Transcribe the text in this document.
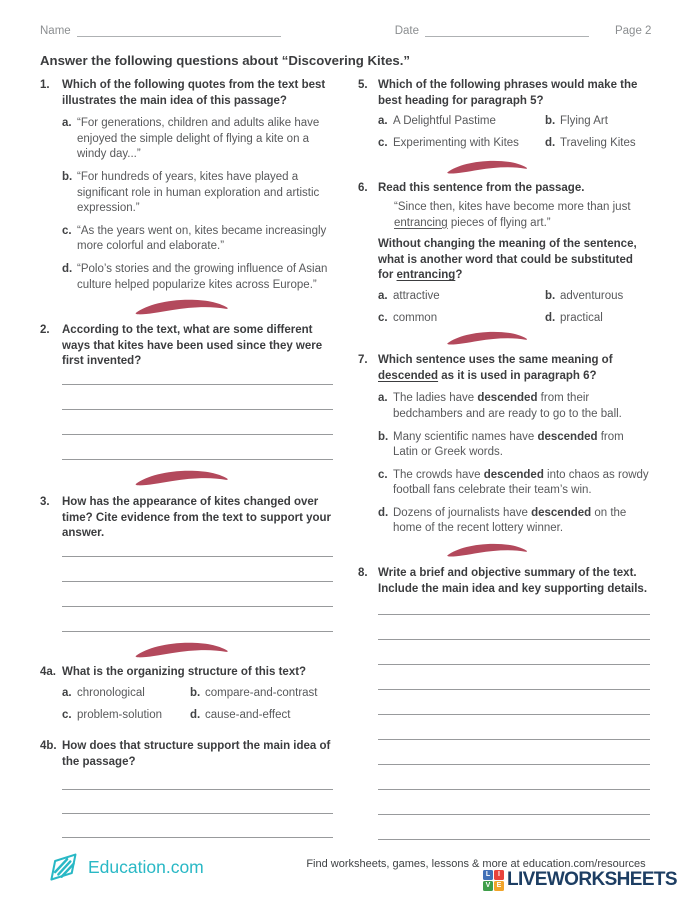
Name	Date	Page 2
Answer the following questions about “Discovering Kites.”
1.	Which of the following quotes from the text best illustrates the main idea of this passage?

a. “For generations, children and adults alike have enjoyed the simple delight of flying a kite on a windy day...”

b. “For hundreds of years, kites have played a significant role in human exploration and artistic expression.”

c. “As the years went on, kites became increasingly more colorful and elaborate.”

d. “Polo’s stories and the growing influence of Asian culture helped popularize kites across Europe.”

2.	According to the text, what are some different ways that kites have been used since they were first invented?

3.	How has the appearance of kites changed over time? Cite evidence from the text to support your answer.

4a. What is the organizing structure of this text?

a. chronological	b. compare-and-contrast

c. problem-solution	d. cause-and-effect

4b. How does that structure support the main idea of the passage?

5. Which of the following phrases would make the best heading for paragraph 5?

a. A Delightful Pastime	b. Flying Art

c. Experimenting with Kites	d. Traveling Kites

6. Read this sentence from the passage.

“Since then, kites have become more than just entrancing pieces of flying art.”

Without changing the meaning of the sentence, what is another word that could be substituted for entrancing?

a. attractive	b. adventurous

c. common	d. practical

7. Which sentence uses the same meaning of descended as it is used in paragraph 6?

a. The ladies have descended from their bedchambers and are ready to go to the ball.

b. Many scientific names have descended from Latin or Greek words.

c. The crowds have descended into chaos as rowdy football fans celebrate their team’s win.

d. Dozens of journalists have descended on the home of the recent lottery winner.

8. Write a brief and objective summary of the text. Include the main idea and key supporting details.

Education.com	Find worksheets, games, lessons & more at education.com/resources
L	I
V E LIVEWORKSHEETS
